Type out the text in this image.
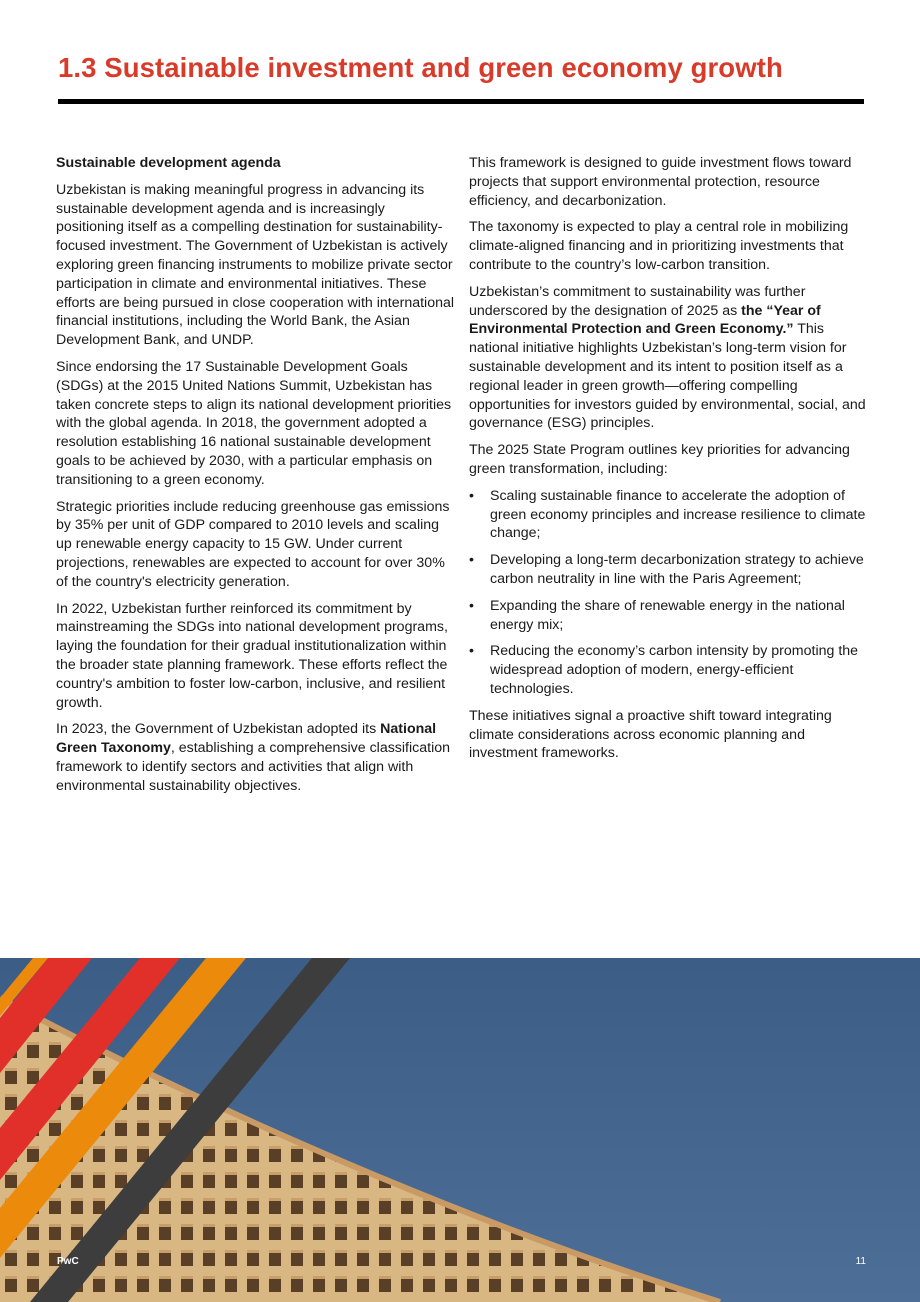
1.3 Sustainable investment and green economy growth

Sustainable development agenda

Uzbekistan is making meaningful progress in advancing its sustainable development agenda and is increasingly positioning itself as a compelling destination for sustainability-focused investment. The Government of Uzbekistan is actively exploring green financing instruments to mobilize private sector participation in climate and environmental initiatives. These efforts are being pursued in close cooperation with international financial institutions, including the World Bank, the Asian Development Bank, and UNDP.

Since endorsing the 17 Sustainable Development Goals (SDGs) at the 2015 United Nations Summit, Uzbekistan has taken concrete steps to align its national development priorities with the global agenda. In 2018, the government adopted a resolution establishing 16 national sustainable development goals to be achieved by 2030, with a particular emphasis on transitioning to a green economy.

Strategic priorities include reducing greenhouse gas emissions by 35% per unit of GDP compared to 2010 levels and scaling up renewable energy capacity to 15 GW. Under current projections, renewables are expected to account for over 30% of the country's electricity generation.

In 2022, Uzbekistan further reinforced its commitment by mainstreaming the SDGs into national development programs, laying the foundation for their gradual institutionalization within the broader state planning framework. These efforts reflect the country's ambition to foster low-carbon, inclusive, and resilient growth.

In 2023, the Government of Uzbekistan adopted its National Green Taxonomy, establishing a comprehensive classification framework to identify sectors and activities that align with environmental sustainability objectives.

This framework is designed to guide investment flows toward projects that support environmental protection, resource efficiency, and decarbonization.

The taxonomy is expected to play a central role in mobilizing climate-aligned financing and in prioritizing investments that contribute to the country’s low-carbon transition.

Uzbekistan’s commitment to sustainability was further underscored by the designation of 2025 as the “Year of Environmental Protection and Green Economy.” This national initiative highlights Uzbekistan’s long-term vision for sustainable development and its intent to position itself as a regional leader in green growth—offering compelling opportunities for investors guided by environmental, social, and governance (ESG) principles.

The 2025 State Program outlines key priorities for advancing green transformation, including:

• Scaling sustainable finance to accelerate the adoption of green economy principles and increase resilience to climate change;
• Developing a long-term decarbonization strategy to achieve carbon neutrality in line with the Paris Agreement;
• Expanding the share of renewable energy in the national energy mix;
• Reducing the economy’s carbon intensity by promoting the widespread adoption of modern, energy-efficient technologies.

These initiatives signal a proactive shift toward integrating climate considerations across economic planning and investment frameworks.

PwC	11
